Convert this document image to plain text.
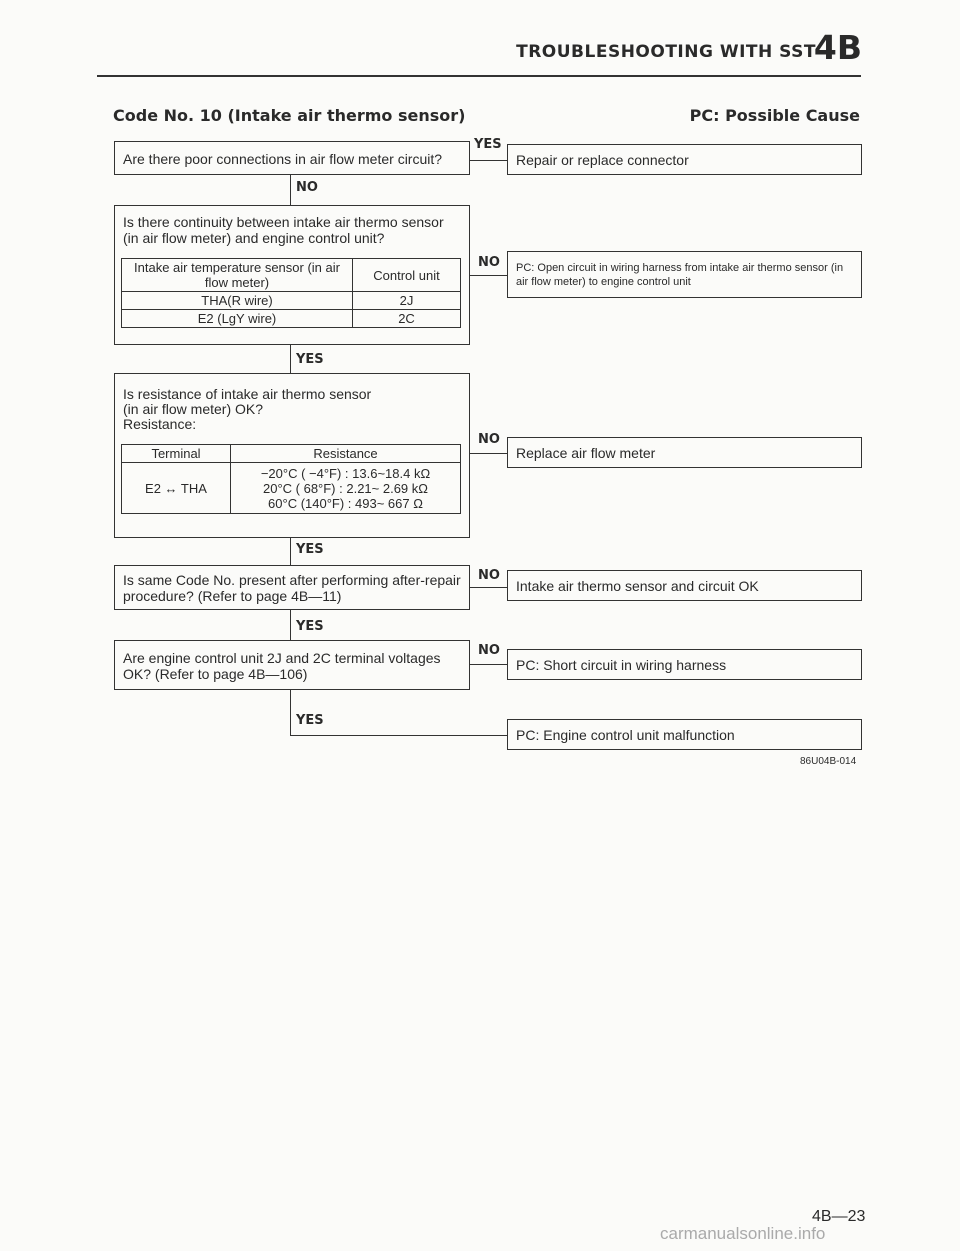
TROUBLESHOOTING WITH SST
4B
Code No. 10 (Intake air thermo sensor)	PC: Possible Cause
Are there poor connections in air flow meter circuit?
YES
Repair or replace connector
NO
Is there continuity between intake air thermo sensor (in air flow meter) and engine control unit?
Intake air temperature sensor (in air flow meter)	Control unit
THA(R wire)	2J
E2 (LgY wire)	2C
NO	PC: Open circuit in wiring harness from intake air thermo sensor (in air flow meter) to engine control unit
YES
Is resistance of intake air thermo sensor
(in air flow meter) OK?
Resistance:
Terminal	Resistance
E2 ↔ THA	−20°C ( −4°F) : 13.6~18.4 kΩ
20°C ( 68°F) : 2.21~ 2.69 kΩ
60°C (140°F) : 493~ 667 Ω
NO
Replace air flow meter
YES
Is same Code No. present after performing after-repair procedure? (Refer to page 4B—11)
NO
Intake air thermo sensor and circuit OK
YES
Are engine control unit 2J and 2C terminal voltages OK? (Refer to page 4B—106)
NO
PC: Short circuit in wiring harness
YES
PC: Engine control unit malfunction
86U04B-014
4B—23
carmanualsonline.info
